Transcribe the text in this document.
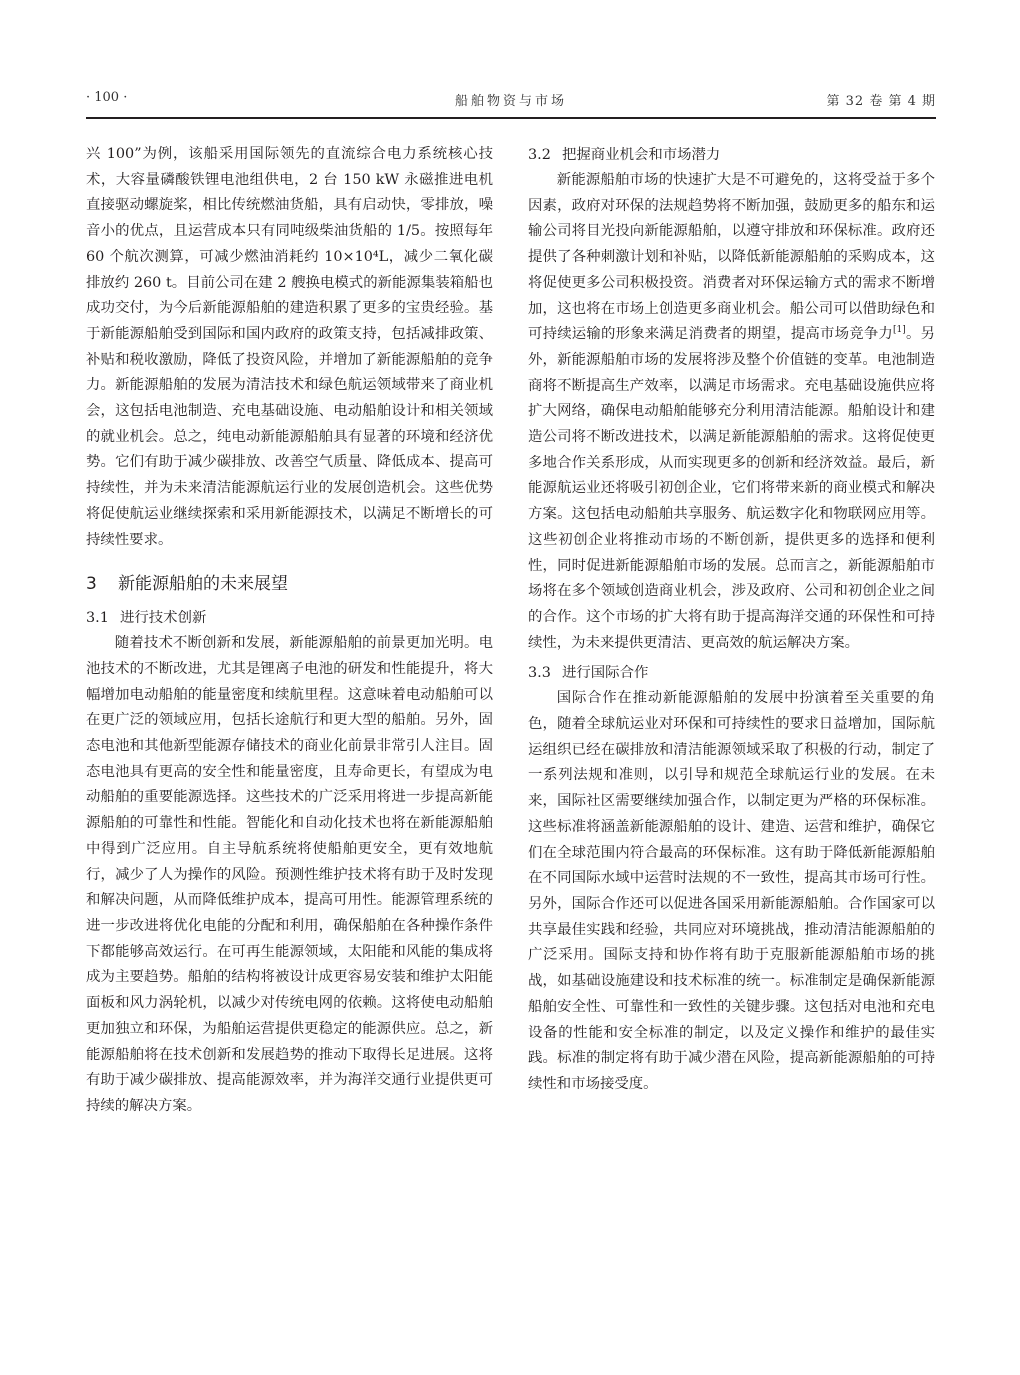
· 100 ·	船舶物资与市场	第 32 卷 第 4 期

兴 100”为例，该船采用国际领先的直流综合电力系统核心技术，大容量磷酸铁锂电池组供电，2 台 150 kW 永磁推进电机直接驱动螺旋桨，相比传统燃油货船，具有启动快，零排放，噪音小的优点，且运营成本只有同吨级柴油货船的 1/5。按照每年 60 个航次测算，可减少燃油消耗约 10×10⁴L，减少二氧化碳排放约 260 t。目前公司在建 2 艘换电模式的新能源集装箱船也成功交付，为今后新能源船舶的建造积累了更多的宝贵经验。基于新能源船舶受到国际和国内政府的政策支持，包括减排政策、补贴和税收激励，降低了投资风险，并增加了新能源船舶的竞争力。新能源船舶的发展为清洁技术和绿色航运领域带来了商业机会，这包括电池制造、充电基础设施、电动船舶设计和相关领域的就业机会。总之，纯电动新能源船舶具有显著的环境和经济优势。它们有助于减少碳排放、改善空气质量、降低成本、提高可持续性，并为未来清洁能源航运行业的发展创造机会。这些优势将促使航运业继续探索和采用新能源技术，以满足不断增长的可持续性要求。

3 新能源船舶的未来展望
3.1 进行技术创新

随着技术不断创新和发展，新能源船舶的前景更加光明。电池技术的不断改进，尤其是锂离子电池的研发和性能提升，将大幅增加电动船舶的能量密度和续航里程。这意味着电动船舶可以在更广泛的领域应用，包括长途航行和更大型的船舶。另外，固态电池和其他新型能源存储技术的商业化前景非常引人注目。固态电池具有更高的安全性和能量密度，且寿命更长，有望成为电动船舶的重要能源选择。这些技术的广泛采用将进一步提高新能源船舶的可靠性和性能。智能化和自动化技术也将在新能源船舶中得到广泛应用。自主导航系统将使船舶更安全，更有效地航行，减少了人为操作的风险。预测性维护技术将有助于及时发现和解决问题，从而降低维护成本，提高可用性。能源管理系统的进一步改进将优化电能的分配和利用，确保船舶在各种操作条件下都能够高效运行。在可再生能源领域，太阳能和风能的集成将成为主要趋势。船舶的结构将被设计成更容易安装和维护太阳能面板和风力涡轮机，以减少对传统电网的依赖。这将使电动船舶更加独立和环保，为船舶运营提供更稳定的能源供应。总之，新能源船舶将在技术创新和发展趋势的推动下取得长足进展。这将有助于减少碳排放、提高能源效率，并为海洋交通行业提供更可持续的解决方案。

3.2 把握商业机会和市场潜力

新能源船舶市场的快速扩大是不可避免的，这将受益于多个因素，政府对环保的法规趋势将不断加强，鼓励更多的船东和运输公司将目光投向新能源船舶，以遵守排放和环保标准。政府还提供了各种刺激计划和补贴，以降低新能源船舶的采购成本，这将促使更多公司积极投资。消费者对环保运输方式的需求不断增加，这也将在市场上创造更多商业机会。船公司可以借助绿色和可持续运输的形象来满足消费者的期望，提高市场竞争力[1]。另外，新能源船舶市场的发展将涉及整个价值链的变革。电池制造商将不断提高生产效率，以满足市场需求。充电基础设施供应将扩大网络，确保电动船舶能够充分利用清洁能源。船舶设计和建造公司将不断改进技术，以满足新能源船舶的需求。这将促使更多地合作关系形成，从而实现更多的创新和经济效益。最后，新能源航运业还将吸引初创企业，它们将带来新的商业模式和解决方案。这包括电动船舶共享服务、航运数字化和物联网应用等。这些初创企业将推动市场的不断创新，提供更多的选择和便利性，同时促进新能源船舶市场的发展。总而言之，新能源船舶市场将在多个领域创造商业机会，涉及政府、公司和初创企业之间的合作。这个市场的扩大将有助于提高海洋交通的环保性和可持续性，为未来提供更清洁、更高效的航运解决方案。

3.3 进行国际合作

国际合作在推动新能源船舶的发展中扮演着至关重要的角色，随着全球航运业对环保和可持续性的要求日益增加，国际航运组织已经在碳排放和清洁能源领域采取了积极的行动，制定了一系列法规和准则，以引导和规范全球航运行业的发展。在未来，国际社区需要继续加强合作，以制定更为严格的环保标准。这些标准将涵盖新能源船舶的设计、建造、运营和维护，确保它们在全球范围内符合最高的环保标准。这有助于降低新能源船舶在不同国际水域中运营时法规的不一致性，提高其市场可行性。另外，国际合作还可以促进各国采用新能源船舶。合作国家可以共享最佳实践和经验，共同应对环境挑战，推动清洁能源船舶的广泛采用。国际支持和协作将有助于克服新能源船舶市场的挑战，如基础设施建设和技术标准的统一。标准制定是确保新能源船舶安全性、可靠性和一致性的关键步骤。这包括对电池和充电设备的性能和安全标准的制定，以及定义操作和维护的最佳实践。标准的制定将有助于减少潜在风险，提高新能源船舶的可持续性和市场接受度。
